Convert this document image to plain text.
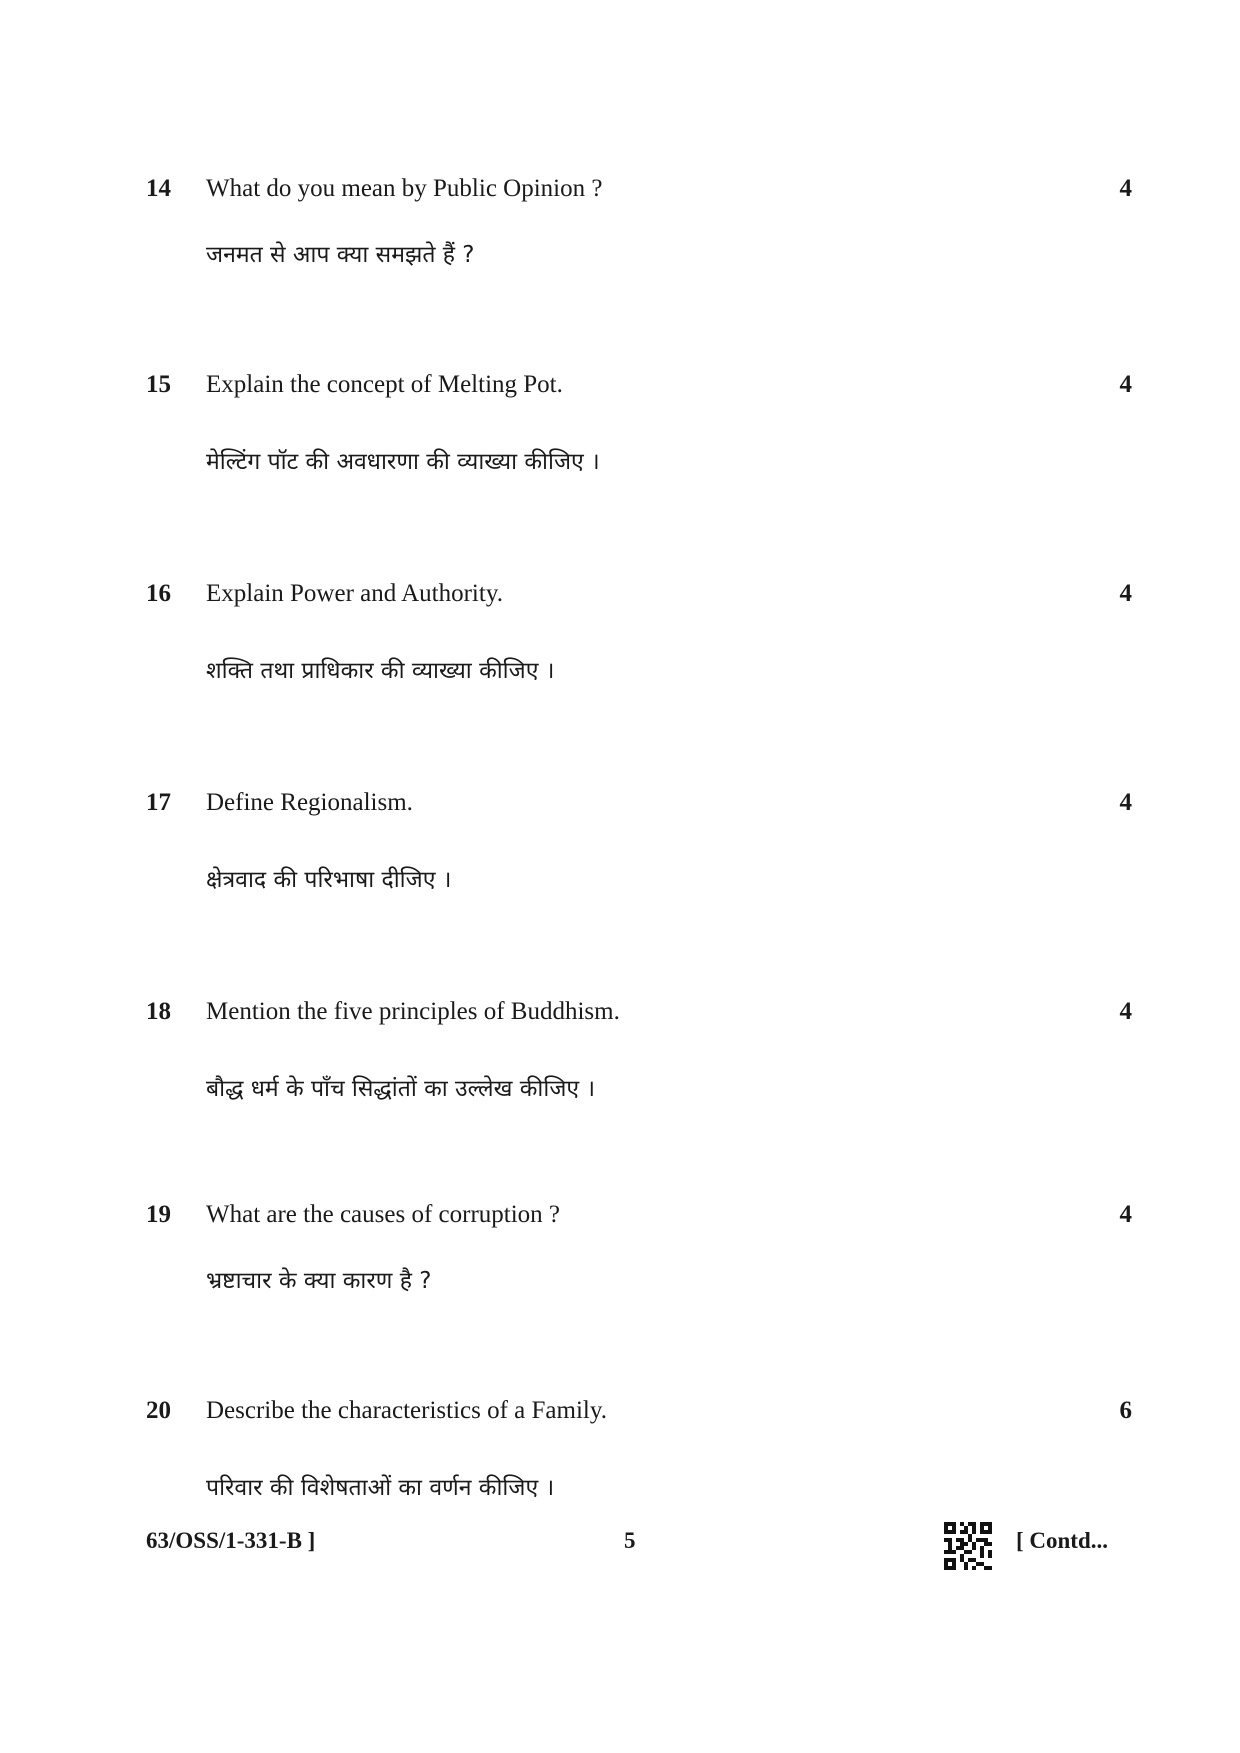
14 What do you mean by Public Opinion ?	4
जनमत से आप क्या समझते हैं ?
15 Explain the concept of Melting Pot.	4
मेल्टिंग पॉट की अवधारणा की व्याख्या कीजिए ।
16 Explain Power and Authority.	4
शक्ति तथा प्राधिकार की व्याख्या कीजिए ।
17 Define Regionalism.	4
क्षेत्रवाद की परिभाषा दीजिए ।
18 Mention the five principles of Buddhism.	4
बौद्ध धर्म के पाँच सिद्धांतों का उल्लेख कीजिए ।
19 What are the causes of corruption ?	4
भ्रष्टाचार के क्या कारण है ?
20 Describe the characteristics of a Family.	6
परिवार की विशेषताओं का वर्णन कीजिए ।
63/OSS/1-331-B ]	5	[ Contd...
